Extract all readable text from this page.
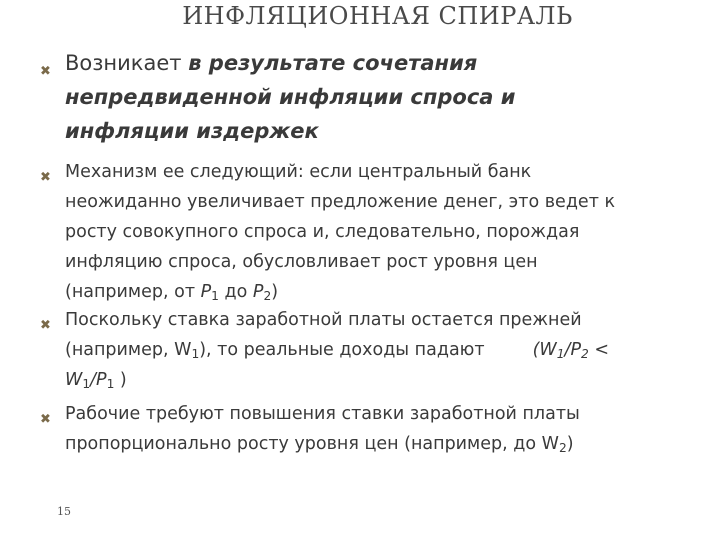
ИНФЛЯЦИОННАЯ СПИРАЛЬ
✖ Возникает в результате сочетания
непредвиденной инфляции спроса и
инфляции издержек
✖ Механизм ее следующий: если центральный банк
неожиданно увеличивает предложение денег, это ведет к
росту совокупного спроса и, следовательно, порождая
инфляцию спроса, обусловливает рост уровня цен
(например, от $P_1$ до $P_2$)
✖ Поскольку ставка заработной платы остается прежней
(например, $W_1$), то реальные доходы падают	($W_1/P_2$ <
$W_1/P_1$ )
✖ Рабочие требуют повышения ставки заработной платы
пропорционально росту уровня цен (например, до $W_2$)
15
